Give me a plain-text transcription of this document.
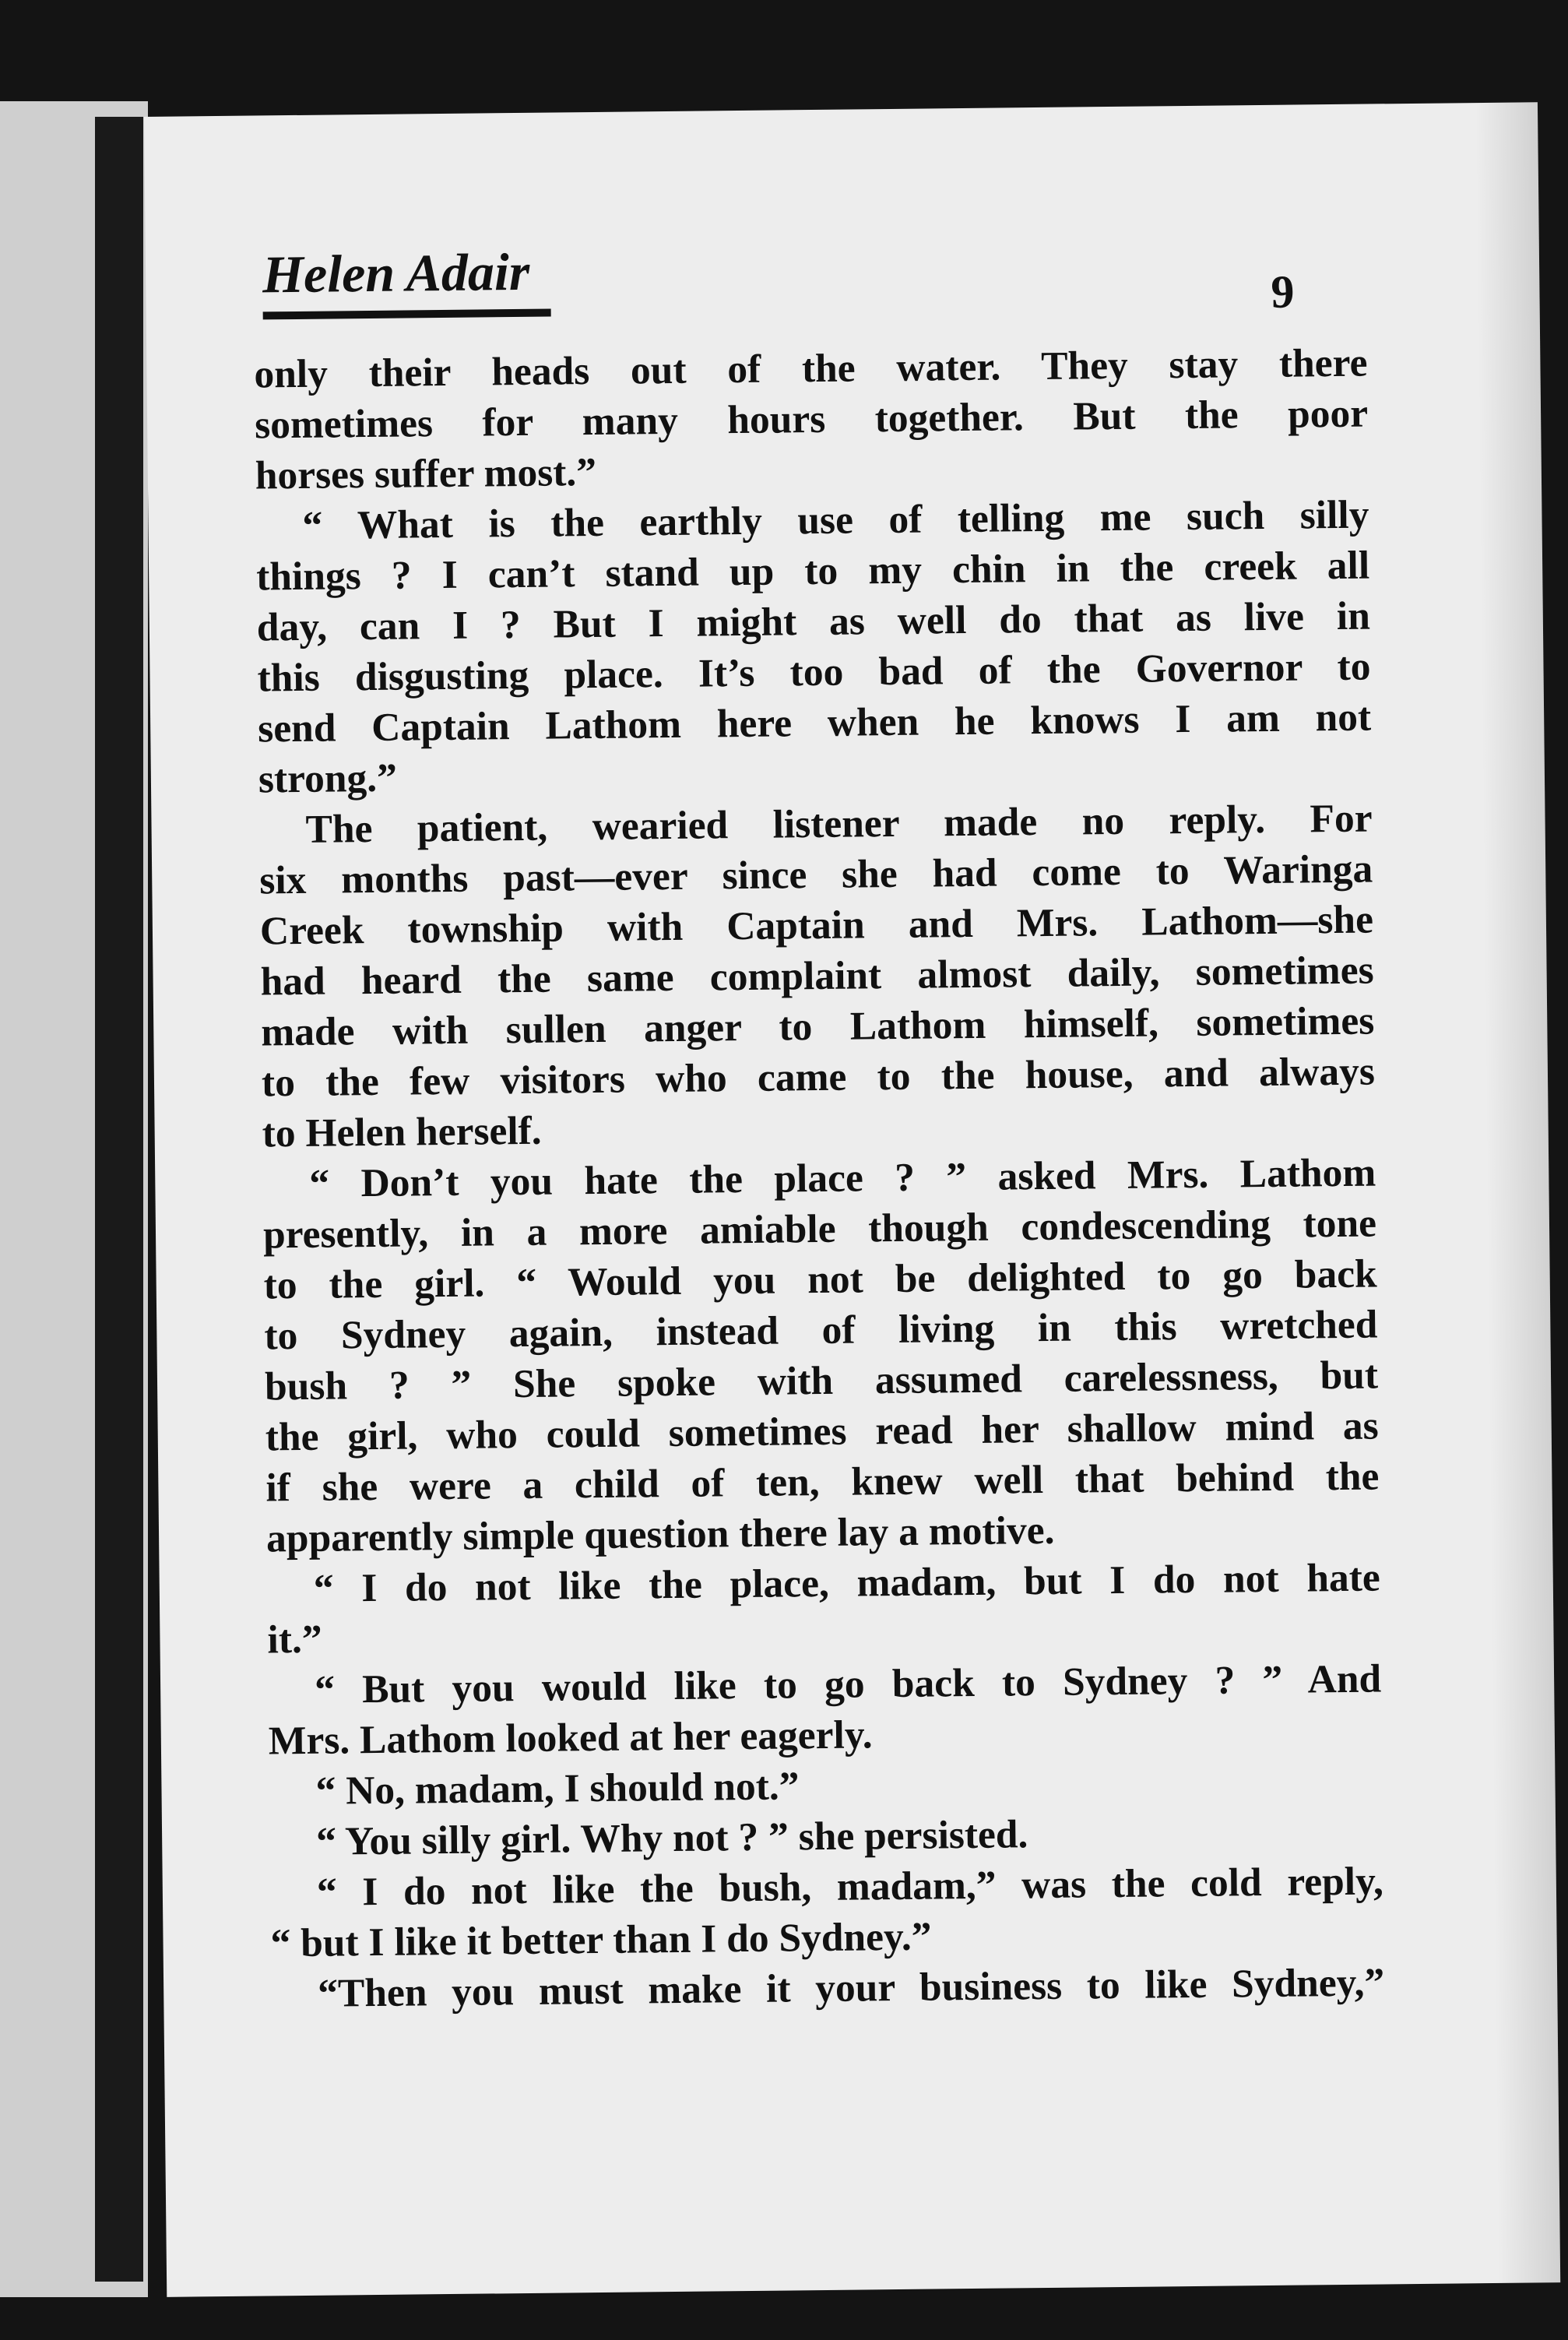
Helen Adair	9
only their heads out of the water. They stay there
sometimes for many hours together. But the poor
horses suffer most.”
“ What is the earthly use of telling me such silly
things ? I can’t stand up to my chin in the creek all
day, can I ? But I might as well do that as live in
this disgusting place. It’s too bad of the Governor to
send Captain Lathom here when he knows I am not
strong.”
The patient, wearied listener made no reply. For
six months past—ever since she had come to Waringa
Creek township with Captain and Mrs. Lathom—she
had heard the same complaint almost daily, sometimes
made with sullen anger to Lathom himself, sometimes
to the few visitors who came to the house, and always
to Helen herself.
“ Don’t you hate the place ? ” asked Mrs. Lathom
presently, in a more amiable though condescending tone
to the girl. “ Would you not be delighted to go back
to Sydney again, instead of living in this wretched
bush ? ” She spoke with assumed carelessness, but
the girl, who could sometimes read her shallow mind as
if she were a child of ten, knew well that behind the
apparently simple question there lay a motive.
“ I do not like the place, madam, but I do not hate
it.”
“ But you would like to go back to Sydney ? ” And
Mrs. Lathom looked at her eagerly.
“ No, madam, I should not.”
“ You silly girl. Why not ? ” she persisted.
“ I do not like the bush, madam,” was the cold reply,
“ but I like it better than I do Sydney.”
“Then you must make it your business to like Sydney,”
